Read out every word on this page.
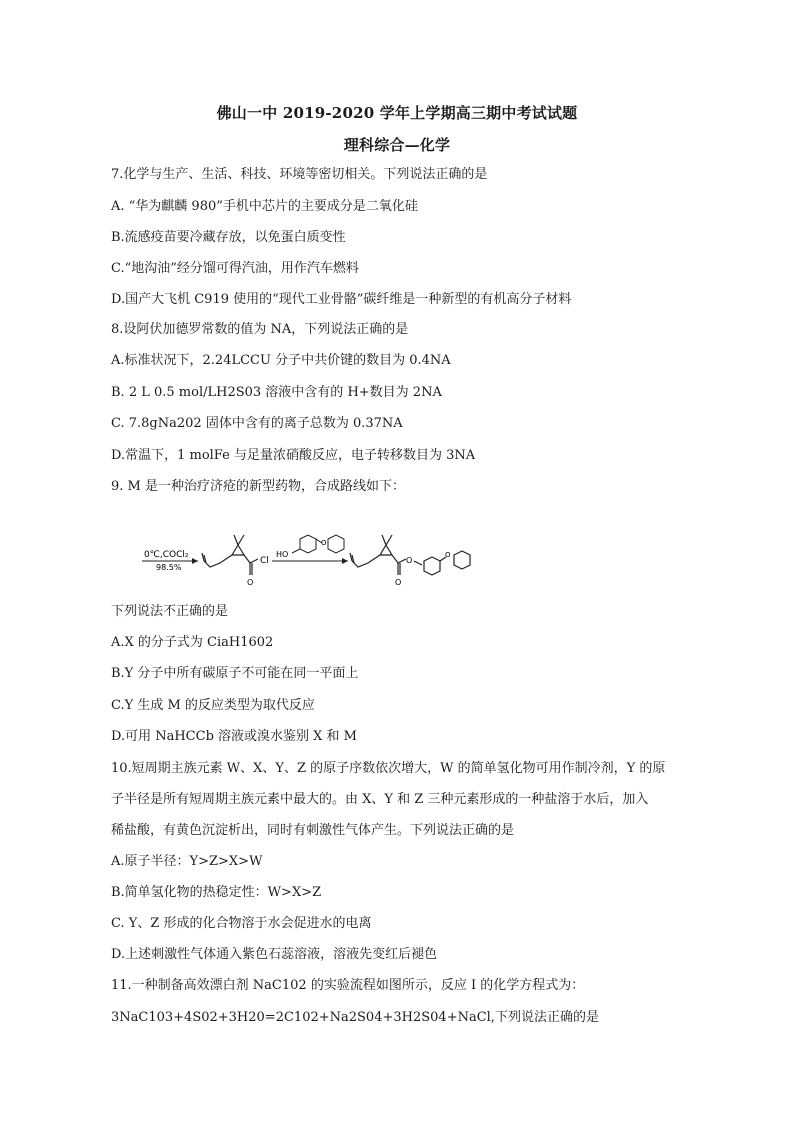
佛山一中 2019-2020 学年上学期高三期中考试试题
理科综合—化学
7.化学与生产、生活、科技、环境等密切相关。下列说法正确的是
A. “华为麒麟 980”手机中芯片的主要成分是二氧化硅
B.流感疫苗要冷藏存放，以免蛋白质变性
C.“地沟油”经分馏可得汽油，用作汽车燃料
D.国产大飞机 C919 使用的“现代工业骨骼”碳纤维是一种新型的有机高分子材料
8.设阿伏加德罗常数的值为 NA，下列说法正确的是
A.标准状况下，2.24LCCU 分子中共价键的数目为 0.4NA
B. 2 L 0.5 mol/LH2S03 溶液中含有的 H+数目为 2NA
C. 7.8gNa202 固体中含有的离子总数为 0.37NA
D.常温下，1 molFe 与足量浓硝酸反应，电子转移数目为 3NA
9. M 是一种治疗济疮的新型药物，合成路线如下：
0℃,COCl₂
98.5%
Cl
O
HO
O
O
O
O
下列说法不正确的是
A.X 的分子式为 CiaH1602
B.Y 分子中所有碳原子不可能在同一平面上
C.Y 生成 M 的反应类型为取代反应
D.可用 NaHCCb 溶液或溴水鉴别 X 和 M
10.短周期主族元素 W、X、Y、Z 的原子序数依次增大，W 的简单氢化物可用作制冷剂，Y 的原
子半径是所有短周期主族元素中最大的。由 X、Y 和 Z 三种元素形成的一种盐溶于水后，加入
稀盐酸，有黄色沉淀析出，同时有刺激性气体产生。下列说法正确的是
A.原子半径：Y>Z>X>W
B.简单氢化物的热稳定性：W>X>Z
C. Y、Z 形成的化合物溶于水会促进水的电离
D.上述刺激性气体通入紫色石蕊溶液，溶液先变红后褪色
11.一种制备高效漂白剂 NaC102 的实验流程如图所示，反应 I 的化学方程式为：
3NaC103+4S02+3H20=2C102+Na2S04+3H2S04+NaCl,下列说法正确的是
